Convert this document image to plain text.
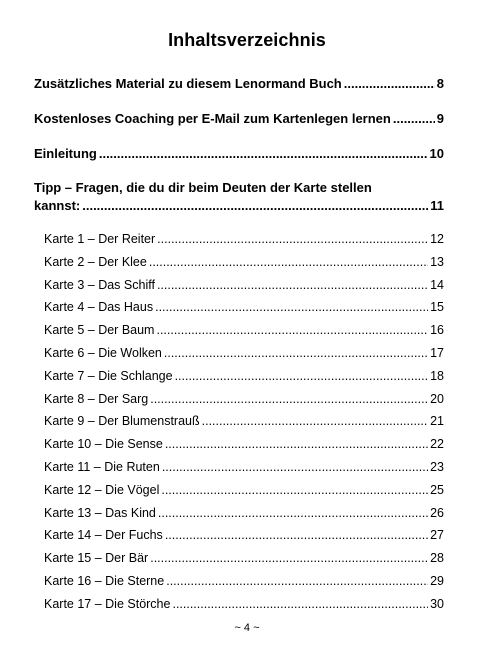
Inhaltsverzeichnis
Zusätzliches Material zu diesem Lenormand Buch .....	8
Kostenloses Coaching per E-Mail zum Kartenlegen lernen .....	9
Einleitung .....	10
Tipp – Fragen, die du dir beim Deuten der Karte stellen
kannst: .....	11
Karte 1 – Der Reiter .....	12
Karte 2 – Der Klee .....	13
Karte 3 – Das Schiff .....	14
Karte 4 – Das Haus .....	15
Karte 5 – Der Baum .....	16
Karte 6 – Die Wolken .....	17
Karte 7 – Die Schlange .....	18
Karte 8 – Der Sarg .....	20
Karte 9 – Der Blumenstrauß .....	21
Karte 10 – Die Sense .....	22
Karte 11 – Die Ruten .....	23
Karte 12 – Die Vögel .....	25
Karte 13 – Das Kind .....	26
Karte 14 – Der Fuchs .....	27
Karte 15 – Der Bär .....	28
Karte 16 – Die Sterne .....	29
Karte 17 – Die Störche .....	30
~ 4 ~
